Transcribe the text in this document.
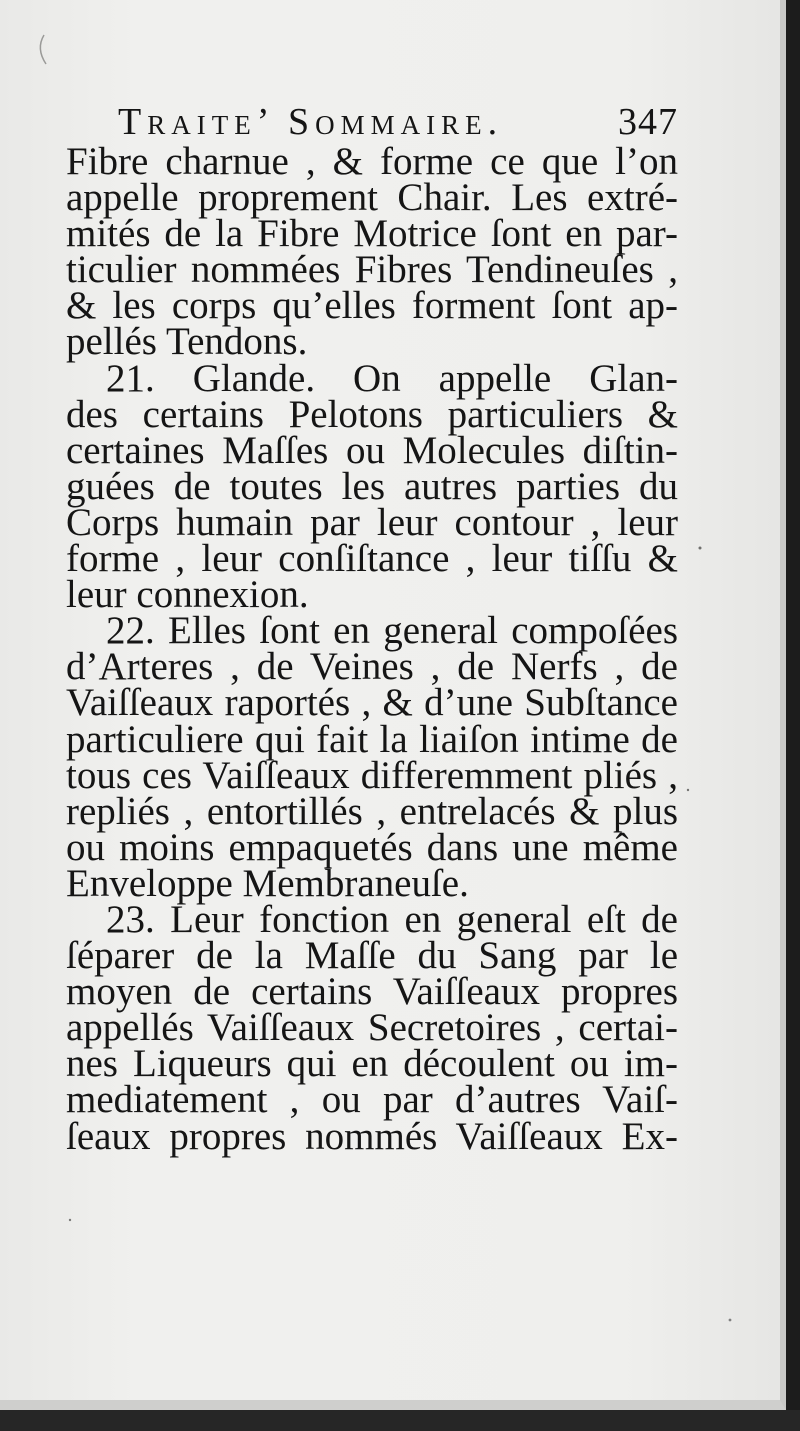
Traite’ Sommaire.	347
Fibre charnue , & forme ce que l’on
appelle proprement Chair. Les extré-
mités de la Fibre Motrice ſont en par-
ticulier nommées Fibres Tendineuſes ,
& les corps qu’elles forment ſont ap-
pellés Tendons.
21. Glande. On appelle Glan-
des certains Pelotons particuliers &
certaines Maſſes ou Molecules diſtin-
guées de toutes les autres parties du
Corps humain par leur contour , leur
forme , leur conſiſtance , leur tiſſu &
leur connexion.
22. Elles ſont en general compoſées
d’Arteres , de Veines , de Nerfs , de
Vaiſſeaux raportés , & d’une Subſtance
particuliere qui fait la liaiſon intime de
tous ces Vaiſſeaux differemment pliés ,
repliés , entortillés , entrelacés & plus
ou moins empaquetés dans une même
Enveloppe Membraneuſe.
23. Leur fonction en general eſt de
ſéparer de la Maſſe du Sang par le
moyen de certains Vaiſſeaux propres
appellés Vaiſſeaux Secretoires , certai-
nes Liqueurs qui en découlent ou im-
mediatement , ou par d’autres Vaiſ-
ſeaux propres nommés Vaiſſeaux Ex-
